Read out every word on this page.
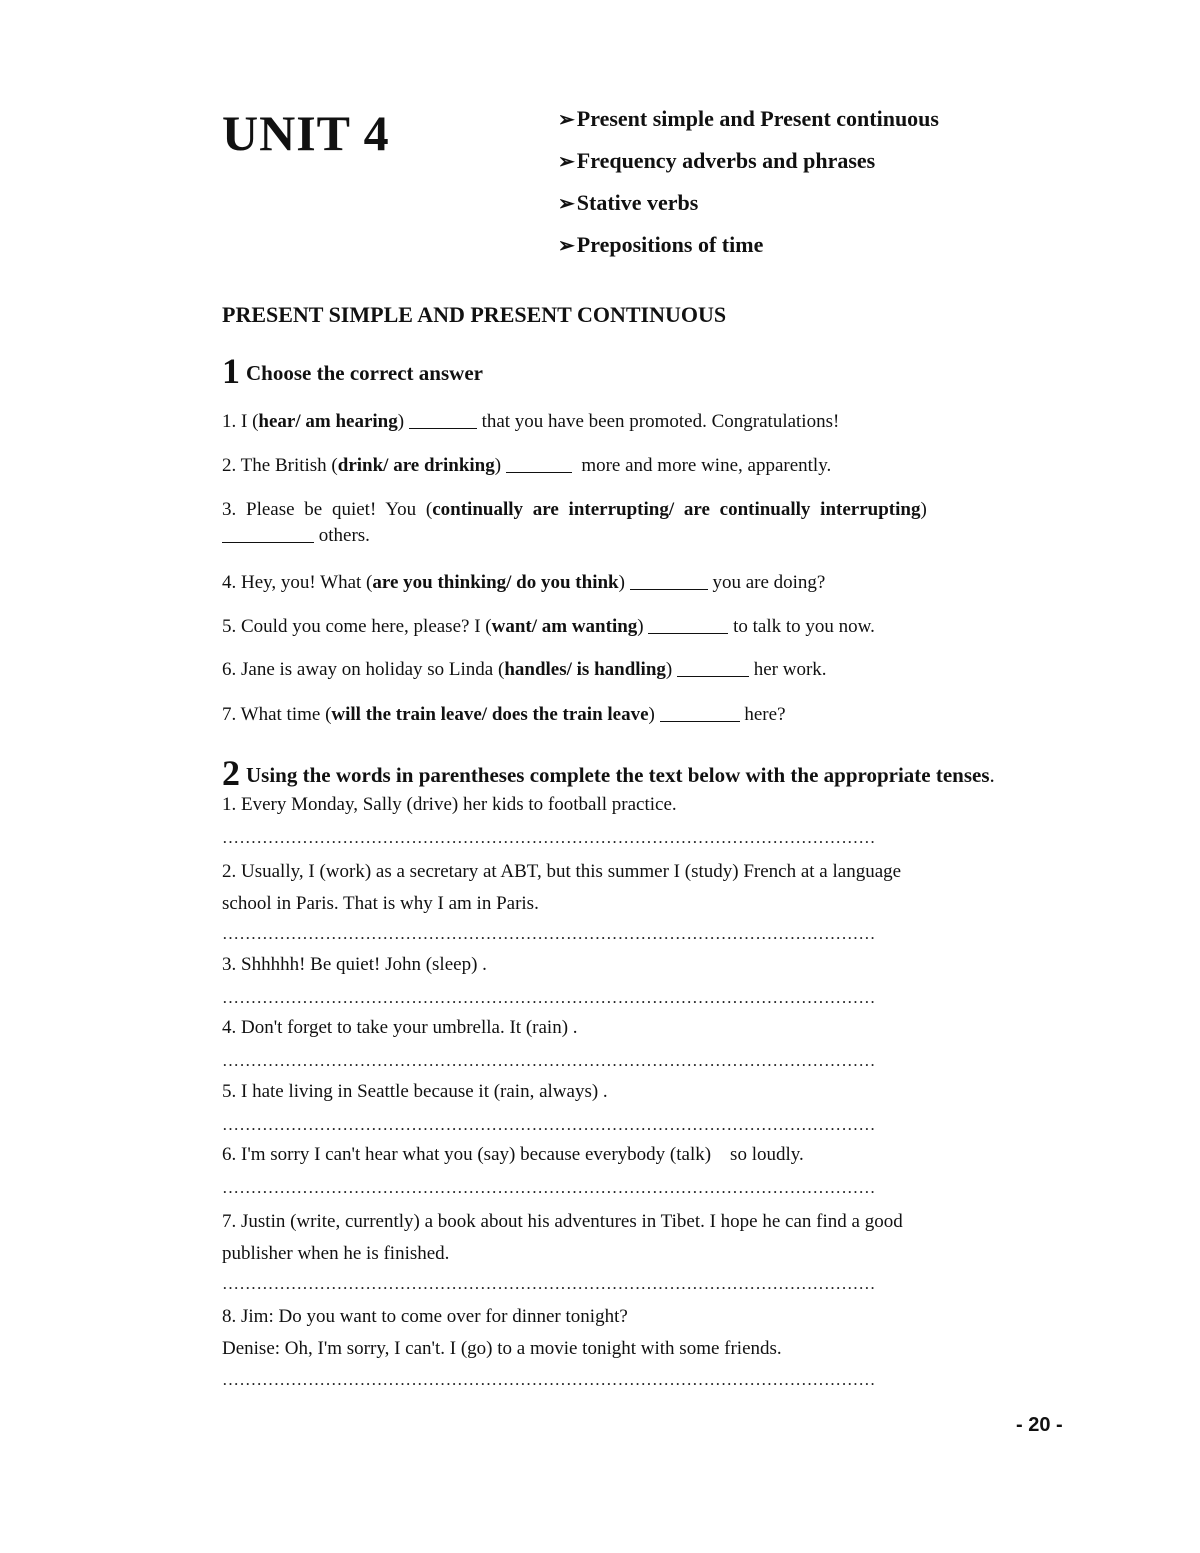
UNIT 4	➢Present simple and Present continuous
➢Frequency adverbs and phrases
➢Stative verbs
➢Prepositions of time
PRESENT SIMPLE AND PRESENT CONTINUOUS
1 Choose the correct answer
1. I (hear/ am hearing)	that you have been promoted. Congratulations!
2. The British (drink/ are drinking)	more and more wine, apparently.
3. Please be quiet! You (continually are interrupting/ are continually interrupting)
others.
4. Hey, you! What (are you thinking/ do you think)	you are doing?
5. Could you come here, please? I (want/ am wanting)	to talk to you now.
6. Jane is away on holiday so Linda (handles/ is handling)	her work.
7. What time (will the train leave/ does the train leave)	here?
2 Using the words in parentheses complete the text below with the appropriate tenses.
1. Every Monday, Sally (drive) her kids to football practice.
……………………………………………………………………………………………………
2. Usually, I (work) as a secretary at ABT, but this summer I (study) French at a language
school in Paris. That is why I am in Paris.
……………………………………………………………………………………………………
3. Shhhhh! Be quiet! John (sleep) .
……………………………………………………………………………………………………
4. Don't forget to take your umbrella. It (rain) .
……………………………………………………………………………………………………
5. I hate living in Seattle because it (rain, always) .
……………………………………………………………………………………………………
6. I'm sorry I can't hear what you (say) because everybody (talk)    so loudly.
……………………………………………………………………………………………………
7. Justin (write, currently) a book about his adventures in Tibet. I hope he can find a good
publisher when he is finished.
……………………………………………………………………………………………………
8. Jim: Do you want to come over for dinner tonight?
Denise: Oh, I'm sorry, I can't. I (go) to a movie tonight with some friends.
……………………………………………………………………………………………………
- 20 -
